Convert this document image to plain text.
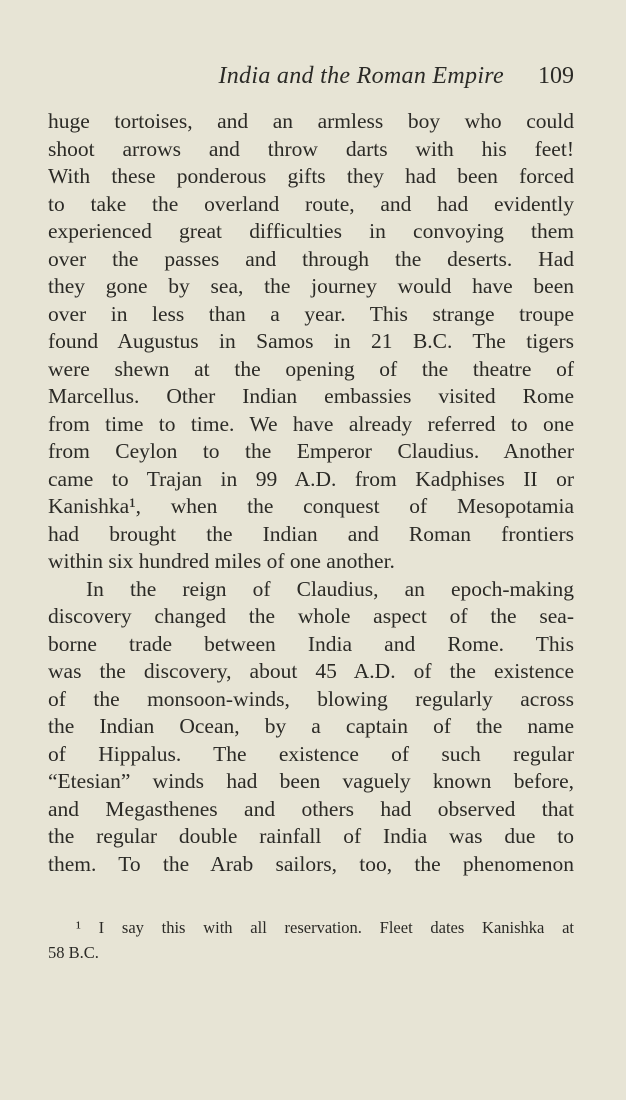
India and the Roman Empire 109
huge tortoises, and an armless boy who could
shoot arrows and throw darts with his feet!
With these ponderous gifts they had been forced
to take the overland route, and had evidently
experienced great difficulties in convoying them
over the passes and through the deserts. Had
they gone by sea, the journey would have been
over in less than a year. This strange troupe
found Augustus in Samos in 21 B.C. The tigers
were shewn at the opening of the theatre of
Marcellus. Other Indian embassies visited Rome
from time to time. We have already referred to one
from Ceylon to the Emperor Claudius. Another
came to Trajan in 99 A.D. from Kadphises II or
Kanishka¹, when the conquest of Mesopotamia
had brought the Indian and Roman frontiers
within six hundred miles of one another.
In the reign of Claudius, an epoch-making
discovery changed the whole aspect of the sea-
borne trade between India and Rome. This
was the discovery, about 45 A.D. of the existence
of the monsoon-winds, blowing regularly across
the Indian Ocean, by a captain of the name
of Hippalus. The existence of such regular
“Etesian” winds had been vaguely known before,
and Megasthenes and others had observed that
the regular double rainfall of India was due to
them. To the Arab sailors, too, the phenomenon
¹ I say this with all reservation. Fleet dates Kanishka at
58 B.C.
